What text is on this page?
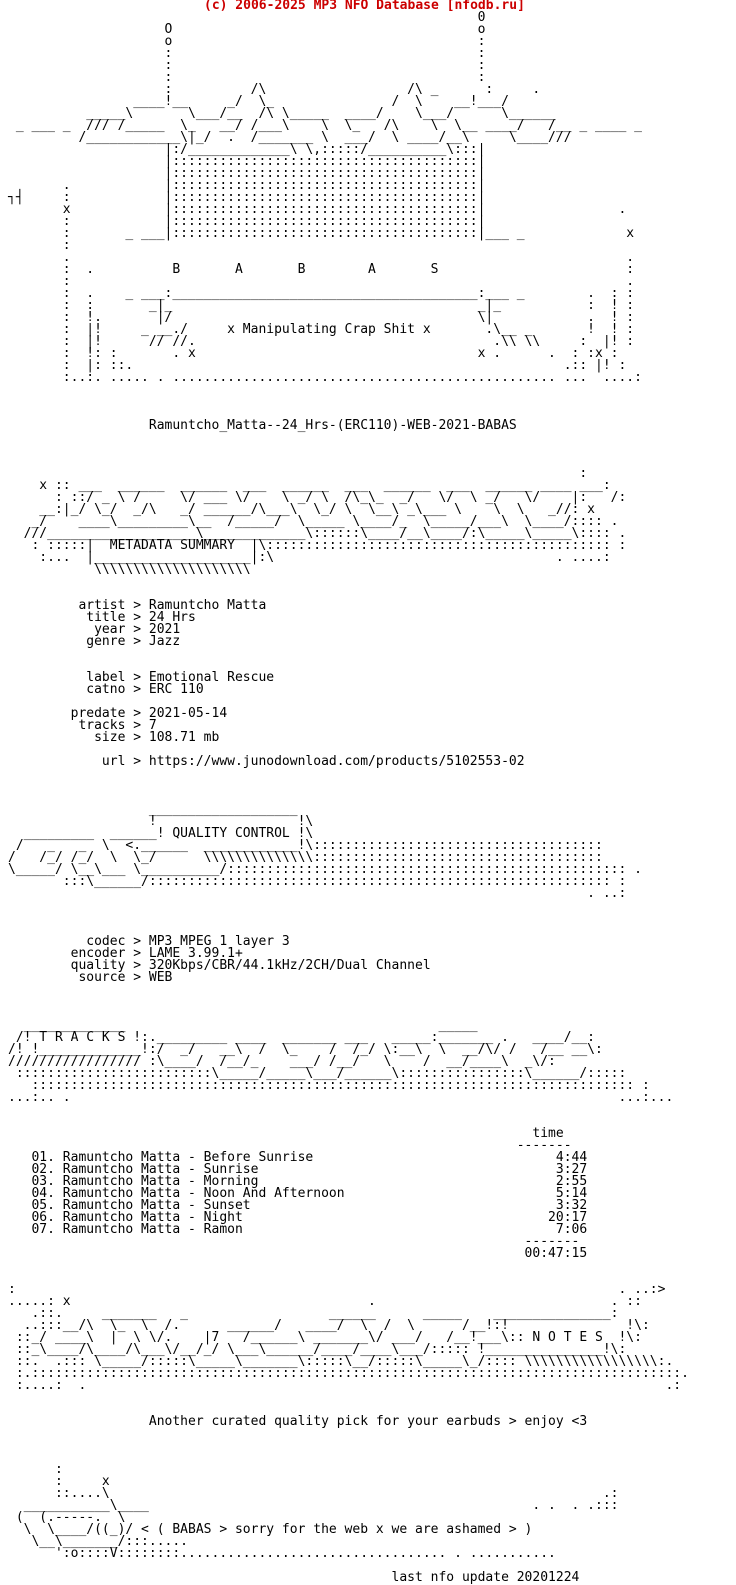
(c) 2006-2025 MP3 NFO Database [nfodb.ru]
0
O                                       o
o                                       :
:                                       :
:                                       :
:                                       :
:          /\                  /\ _      :     .
____!__     _/  \_               /  \    __!___/
_____\       \___/__  /\ \_____  ____/    \___/      \______
_ ___ _  /// /_____  \_   __/ /___\    \  \_   /\    \  \__ ____/   /__ _ ____ _
/____________\|_/  .  /_______ \  ___/  \ ____/__\     \____///
|:/_____________\ \,:::::/__________\:::|
|:::::::::::::::::::::::::::::::::::::::|
|:::::::::::::::::::::::::::::::::::::::|
.            |:::::::::::::::::::::::::::::::::::::::|
┐┤     :            |:::::::::::::::::::::::::::::::::::::::|
x            |:::::::::::::::::::::::::::::::::::::::|                 .
:            |:::::::::::::::::::::::::::::::::::::::|
:       _ ___|:::::::::::::::::::::::::::::::::::::::|___ _             x
:
.                                                                       .
:  .          B       A       B        A       S                        :
:                                                                       .
:  .    _ ___:_______________________________________:___ _        .  : :
:  :       _|_                                       _|_           :  ! :
:  !.       |/                                       \|            .  ! :
:  |!     _ __./     x Manipulating Crap Shit x       .\__ _       !  ! :
:  |!      // //.                                      .\\ \\     :  |! :
:  !: :       . x                                    x .      .  : :x :
:  |: ::.                                                       .:: |! :
:..:. ..... . ................................................. ...  ....:
Ramuntcho_Matta--24_Hrs-(ERC110)-WEB-2021-BABAS
:
x :: ___  ______  ______  ___  ______  ___  ______  ___  ______ ____ ___:
: ::/ _ \ /     \/ ___ \/    \ _/ \  /\_\_  _/   \/  \ _/   \/    |:   /:
__:|_/ \_/  _/\   _/ ______/\___\  \_/ \  \__\ _\___ \    \  \   _//: x
_/    ____\_________\__  /_____/  \_____ \____/_  \_____/___\  \____/:::: .
///___________________\_____________\::::::\____/__\____/:\_____\_____\:::: .
: :::::|  METADATA SUMMARY  |\:::::::::::::::::::::::::::::::::::::::::::: :
:...  |____________________|:\                                    . ....:
\\\\\\\\\\\\\\\\\\\\
artist > Ramuntcho Matta
title > 24 Hrs
year > 2021
genre > Jazz
label > Emotional Rescue
catno > ERC 110
predate > 2021-05-14
tracks > 7
size > 108.71 mb
url > https://www.junodownload.com/products/5102553-02
___________________
!                  !\
_________  ______! QUALITY CONTROL !\
/   _   _  \  <.______  ____________!\:::::::::::::::::::::::::::::::::::::
/   /_/ /_/  \  \_/      \\\\\\\\\\\\\\:::::::::::::::::::::::::::::::::::::
\_____/ \__\___ \__________/::::::::::::::::::::::::::::::::::::::::::::::::::: .
:::\______/::::::::::::::::::::::::::::::::::::::::::::::::::::::::::: :
. ..:
codec > MP3 MPEG 1 layer 3
encoder > LAME 3.99.1+
quality > 320Kbps/CBR/44.1kHz/2CH/Dual Channel
source > WEB
_____________                                        _____
/! T R A C K S !:._________ ____  _______ ___   _____:_______ .   ____/__:
/! !_____________!:/  _/   __\  /  \_    /  /_/ \:__\  \  __/\/ /   /__ __\:
///////////////// :\____/  /__/_    ___/ /__/   \    /  __/____\  _\/:
:::::::::::::::::::::::::\_____/_____\___/______\::::::::::::::::\______/:::::
::::::::::::::::::::::::::::::::::::::::::::::::::::::::::::::::::::::::::::: :
...:.. .                                                                      ...:...
time
-------
01. Ramuntcho Matta - Before Sunrise                               4:44
02. Ramuntcho Matta - Sunrise                                      3:27
03. Ramuntcho Matta - Morning                                      2:55
04. Ramuntcho Matta - Noon And Afternoon                           5:14
05. Ramuntcho Matta - Sunset                                       3:32
06. Ramuntcho Matta - Night                                       20:17
07. Ramuntcho Matta - Ramon                                        7:06
-------
00:47:15
:                                                                             . ..:>
.....: x                                      .                              . ::
.::.     _______   _                  ______      _____    _______________:
..:::__/\  \_  \  /.      ______/   ____/  \  /  \      /__!:!               !\:
::_/ ____\  |  \ \/.    |7   /______\ _______\/ ___/   /__!___\:: N O T E S  !\:
::_\____/\____/\___\/__/_/ \___\______/____/____\___/::::: !_______________!\:
::.  .::: \_____/:::::\_____\_______\:::::\__/:::::\_____\_/:::: \\\\\\\\\\\\\\\\\:.
:.:::::::::::::::::::::::::::::::::::::::::::::::::::::::::::::::::::::::::::::::::::.
:....:  .                                                                          .:
Another curated quality pick for your earbuds > enjoy <3
:
:     x
::....\                                                               .:
___________\____                                                 . .  . .:::
(  (.-----.  \
\  \____/((_)/ < ( BABAS > sorry for the web x we are ashamed > )
\__\_______/:::.....
':o::::V::::::::.................................. . ...........
last nfo update 20201224
